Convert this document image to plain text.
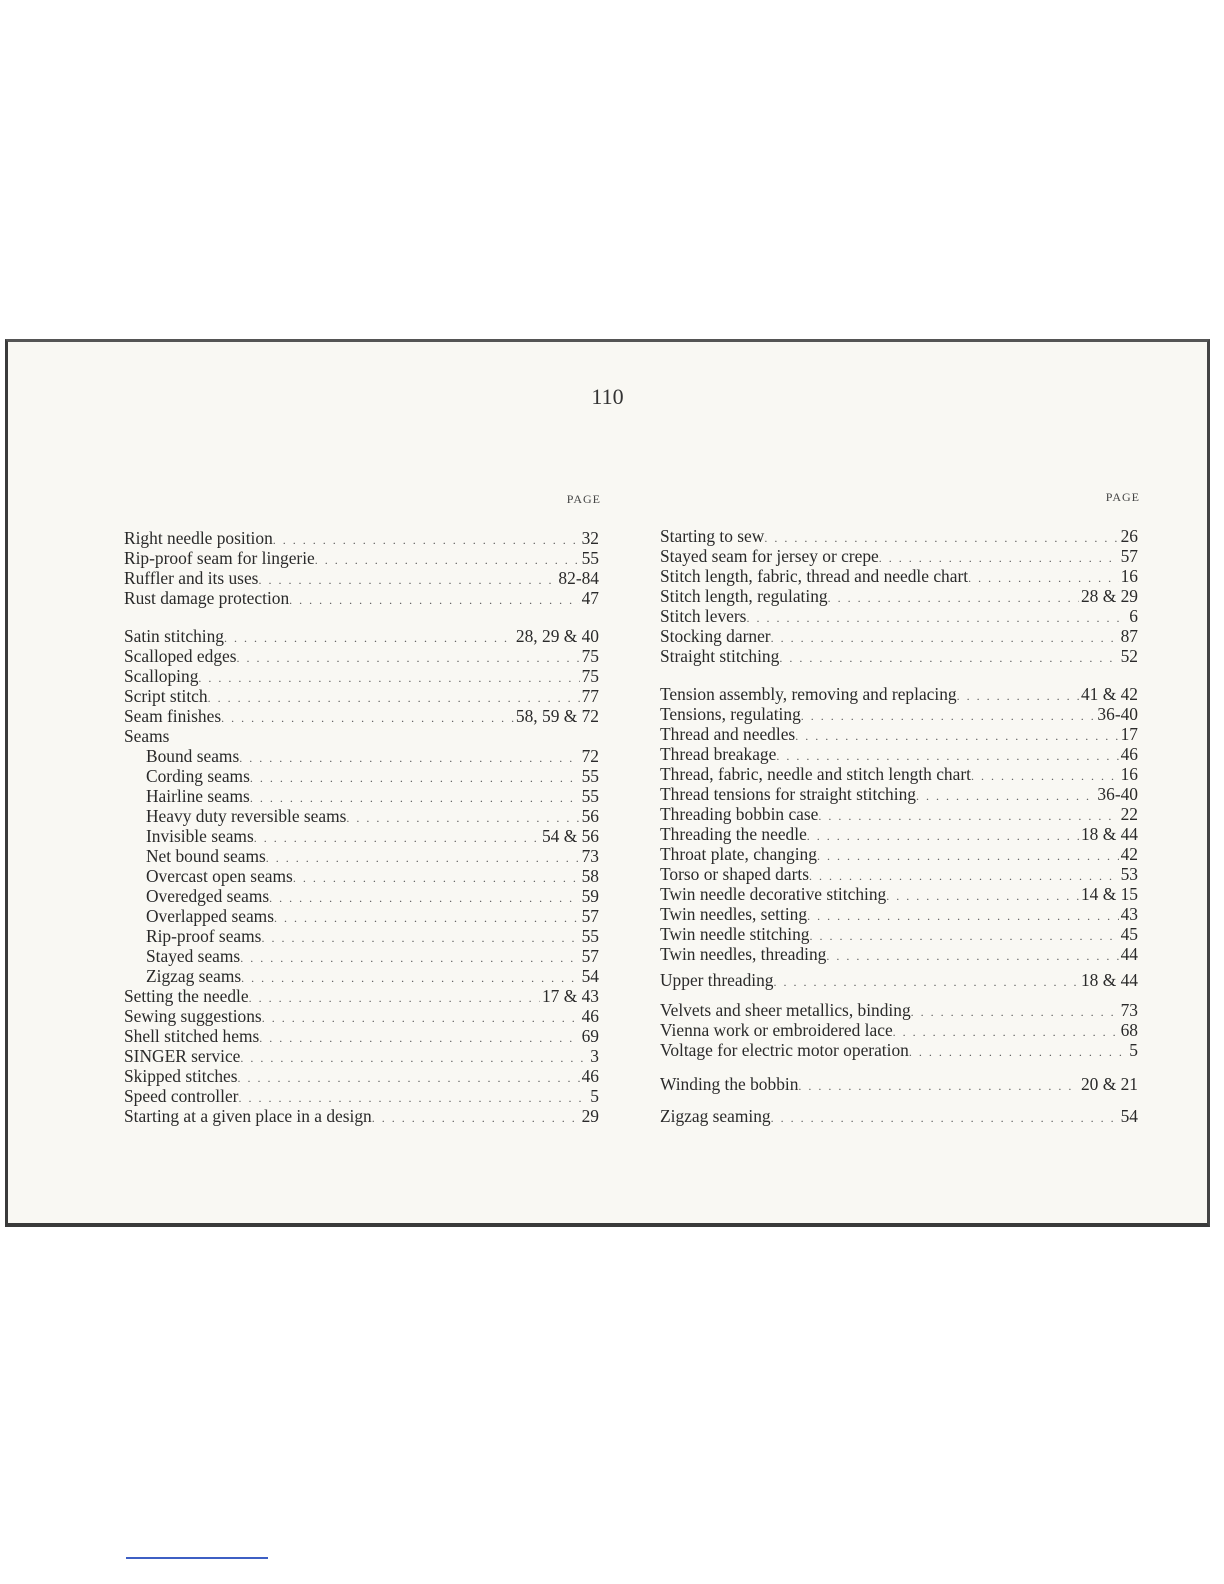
110
PAGE
Right needle position . . .	32
Rip-proof seam for lingerie . . .	55
Ruffler and its uses . . .	82-84
Rust damage protection . . .	47
Satin stitching . . .	28, 29 & 40
Scalloped edges . . .	75
Scalloping . . .	75
Script stitch . . .	77
Seam finishes . . .	58, 59 & 72
Seams
Bound seams . . .	72
Cording seams . . .	55
Hairline seams . . .	55
Heavy duty reversible seams . . .	56
Invisible seams . . .	54 & 56
Net bound seams . . .	73
Overcast open seams . . .	58
Overedged seams . . .	59
Overlapped seams . . .	57
Rip-proof seams . . .	55
Stayed seams . . .	57
Zigzag seams . . .	54
Setting the needle . . .	17 & 43
Sewing suggestions . . .	46
Shell stitched hems . . .	69
SINGER service . . .	3
Skipped stitches . . .	46
Speed controller . . .	5
Starting at a given place in a design . . .	29
PAGE
Starting to sew . . .	26
Stayed seam for jersey or crepe . . .	57
Stitch length, fabric, thread and needle chart . . .	16
Stitch length, regulating . . .	28 & 29
Stitch levers . . .	6
Stocking darner . . .	87
Straight stitching . . .	52
Tension assembly, removing and replacing . . .	41 & 42
Tensions, regulating . . .	36-40
Thread and needles . . .	17
Thread breakage . . .	46
Thread, fabric, needle and stitch length chart . . .	16
Thread tensions for straight stitching . . .	36-40
Threading bobbin case . . .	22
Threading the needle . . .	18 & 44
Throat plate, changing . . .	42
Torso or shaped darts . . .	53
Twin needle decorative stitching . . .	14 & 15
Twin needles, setting . . .	43
Twin needle stitching . . .	45
Twin needles, threading . . .	44
Upper threading . . .	18 & 44
Velvets and sheer metallics, binding . . .	73
Vienna work or embroidered lace . . .	68
Voltage for electric motor operation . . .	5
Winding the bobbin . . .	20 & 21
Zigzag seaming . . .	54
